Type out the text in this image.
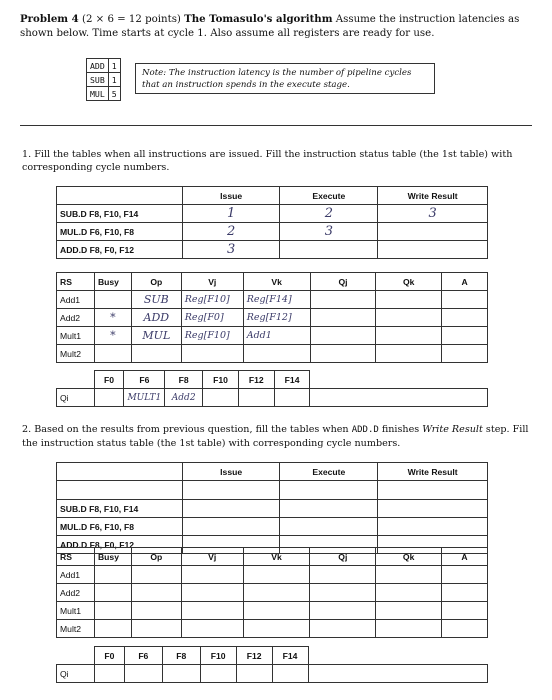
Problem 4 (2 × 6 = 12 points) The Tomasulo's algorithm Assume the instruction latencies as shown below. Time starts at cycle 1. Also assume all registers are ready for use.
ADD	1
SUB	1
MUL	5
Note: The instruction latency is the number of pipeline cycles that an instruction spends in the execute stage.
1. Fill the tables when all instructions are issued. Fill the instruction status table (the 1st table) with corresponding cycle numbers.
	Issue	Execute	Write Result
SUB.D F8, F10, F14	1	2	3
MUL.D F6, F10, F8	2	3	
ADD.D F8, F0, F12	3		
RS	Busy	Op	Vj	Vk	Qj	Qk	A
Add1		SUB	Reg[F10]	Reg[F14]			
Add2	*	ADD	Reg[F0]	Reg[F12]			
Mult1	*	MUL	Reg[F10]	Add1			
Mult2							
	F0	F6	F8	F10	F12	F14	
Qi		MULT1	Add2				
2. Based on the results from previous question, fill the tables when ADD.D finishes Write Result step. Fill the instruction status table (the 1st table) with corresponding cycle numbers.
	Issue	Execute	Write Result

SUB.D F8, F10, F14			
MUL.D F6, F10, F8			
ADD.D F8, F0, F12			
RS	Busy	Op	Vj	Vk	Qj	Qk	A
Add1							
Add2							
Mult1							
Mult2							
	F0	F6	F8	F10	F12	F14	
Qi							
